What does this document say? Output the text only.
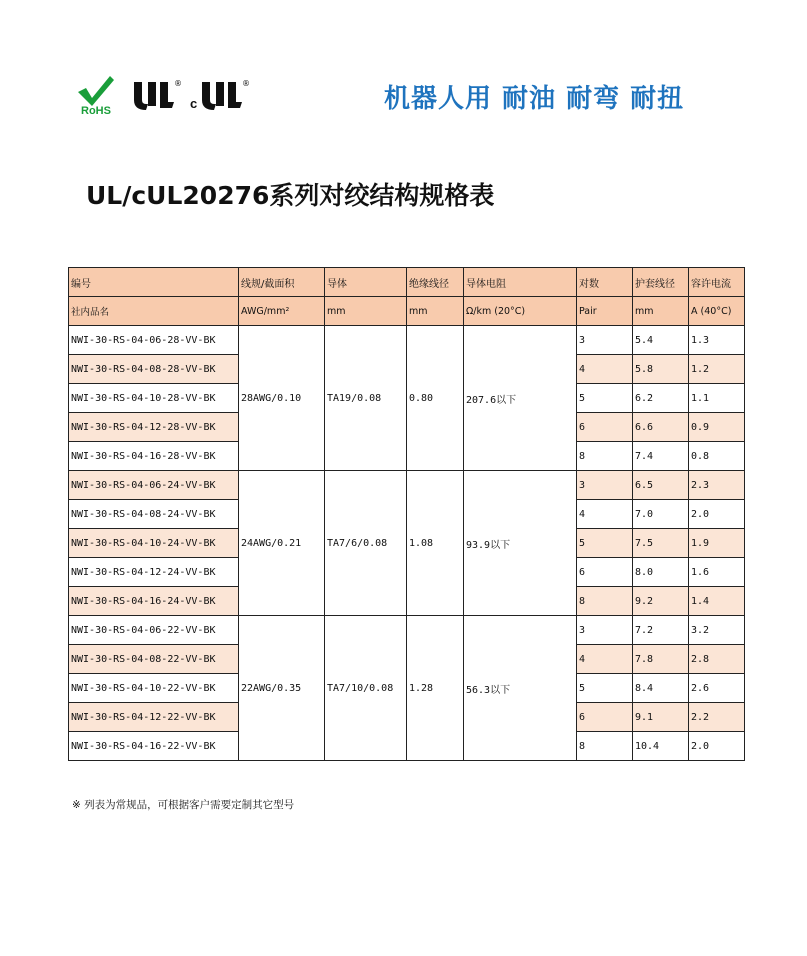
RoHS
®
c
®
机器人用 耐油 耐弯 耐扭
UL/cUL20276系列对绞结构规格表
编号	线规/截面积	导体	绝缘线径	导体电阻	对数	护套线径	容许电流
社内品名	AWG/mm²	mm	mm	Ω/km (20°C)	Pair	mm	A (40°C)
NWI-30-RS-04-06-28-VV-BK	28AWG/0.10	TA19/0.08	0.80	207.6以下	3	5.4	1.3
NWI-30-RS-04-08-28-VV-BK					4	5.8	1.2
NWI-30-RS-04-10-28-VV-BK					5	6.2	1.1
NWI-30-RS-04-12-28-VV-BK					6	6.6	0.9
NWI-30-RS-04-16-28-VV-BK					8	7.4	0.8
NWI-30-RS-04-06-24-VV-BK	24AWG/0.21	TA7/6/0.08	1.08	93.9以下	3	6.5	2.3
NWI-30-RS-04-08-24-VV-BK					4	7.0	2.0
NWI-30-RS-04-10-24-VV-BK					5	7.5	1.9
NWI-30-RS-04-12-24-VV-BK					6	8.0	1.6
NWI-30-RS-04-16-24-VV-BK					8	9.2	1.4
NWI-30-RS-04-06-22-VV-BK	22AWG/0.35	TA7/10/0.08	1.28	56.3以下	3	7.2	3.2
NWI-30-RS-04-08-22-VV-BK					4	7.8	2.8
NWI-30-RS-04-10-22-VV-BK					5	8.4	2.6
NWI-30-RS-04-12-22-VV-BK					6	9.1	2.2
NWI-30-RS-04-16-22-VV-BK					8	10.4	2.0
※ 列表为常规品，可根据客户需要定制其它型号
